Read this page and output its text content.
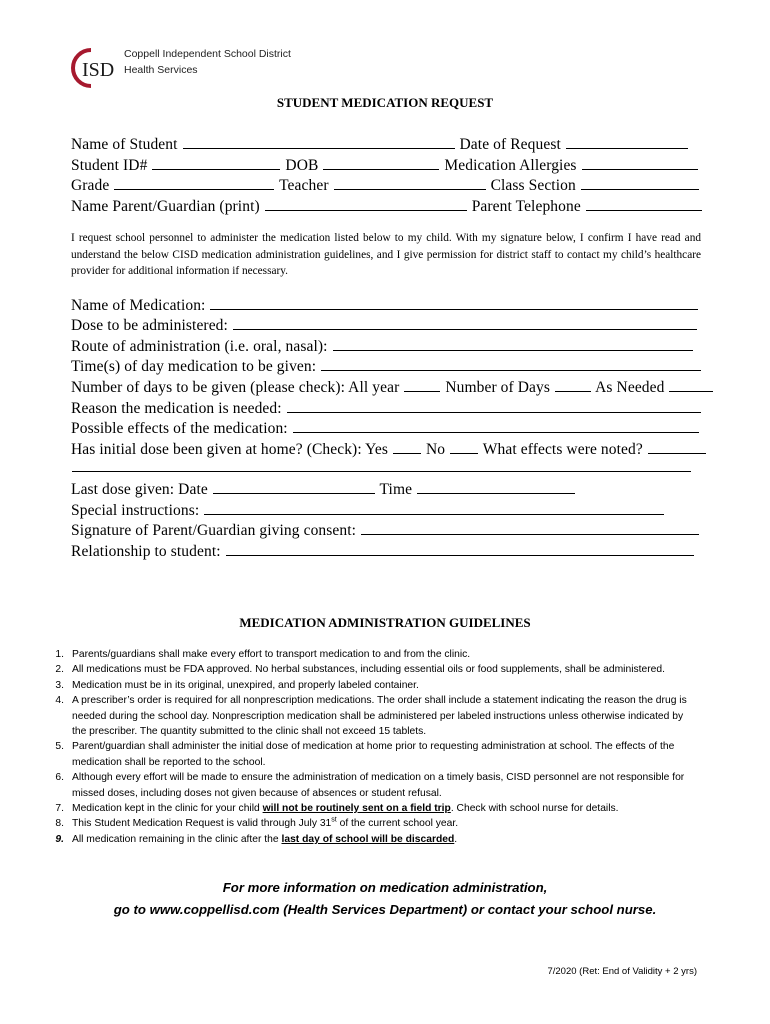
ISD
Coppell Independent School District
Health Services
STUDENT MEDICATION REQUEST
Name of Student	Date of Request
Student ID#	DOB	Medication Allergies
Grade	Teacher	Class Section
Name Parent/Guardian (print)	Parent Telephone
I request school personnel to administer the medication listed below to my child. With my signature below, I confirm I have read and understand the below CISD medication administration guidelines, and I give permission for district staff to contact my child’s healthcare provider for additional information if necessary.
Name of Medication:
Dose to be administered:
Route of administration (i.e. oral, nasal):
Time(s) of day medication to be given:
Number of days to be given (please check): All year	Number of Days	As Needed
Reason the medication is needed:
Possible effects of the medication:
Has initial dose been given at home? (Check): Yes No What effects were noted?
Last dose given: Date	Time
Special instructions:
Signature of Parent/Guardian giving consent:
Relationship to student:
MEDICATION ADMINISTRATION GUIDELINES
1. Parents/guardians shall make every effort to transport medication to and from the clinic.
2. All medications must be FDA approved. No herbal substances, including essential oils or food supplements, shall be administered.
3. Medication must be in its original, unexpired, and properly labeled container.
4. A prescriber’s order is required for all nonprescription medications. The order shall include a statement indicating the reason the drug is needed during the school day. Nonprescription medication shall be administered per labeled instructions unless otherwise indicated by the prescriber. The quantity submitted to the clinic shall not exceed 15 tablets.
5. Parent/guardian shall administer the initial dose of medication at home prior to requesting administration at school. The effects of the medication shall be reported to the school.
6. Although every effort will be made to ensure the administration of medication on a timely basis, CISD personnel are not responsible for missed doses, including doses not given because of absences or student refusal.
7. Medication kept in the clinic for your child will not be routinely sent on a field trip. Check with school nurse for details.
8. This Student Medication Request is valid through July 31st of the current school year.
9. All medication remaining in the clinic after the last day of school will be discarded.
For more information on medication administration,
go to www.coppellisd.com (Health Services Department) or contact your school nurse.
7/2020 (Ret: End of Validity + 2 yrs)
